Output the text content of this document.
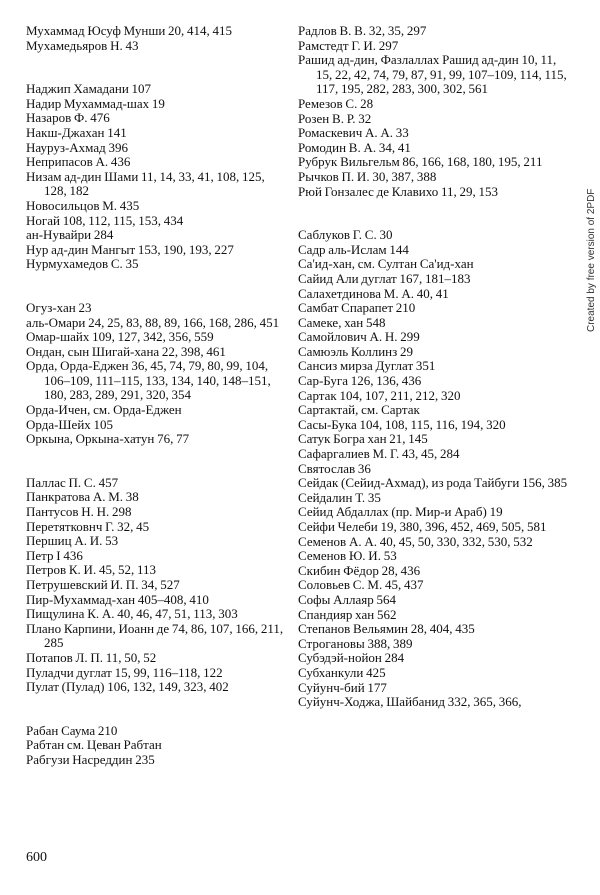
Мухаммад Юсуф Мунши 20, 414, 415
Мухамедьяров Н. 43
Наджип Хамадани 107
Надир Мухаммад-шах 19
Назаров Ф. 476
Накш-Джахан 141
Науруз-Ахмад 396
Неприпасов А. 436
Низам ад-дин Шами 11, 14, 33, 41, 108, 125, 128, 182
Новосильцов М. 435
Ногай 108, 112, 115, 153, 434
ан-Нувайри 284
Нур ад-дин Мангыт 153, 190, 193, 227
Нурмухамедов С. 35
Огуз-хан 23
аль-Омари 24, 25, 83, 88, 89, 166, 168, 286, 451
Омар-шайх 109, 127, 342, 356, 559
Ондан, сын Шигай-хана 22, 398, 461
Орда, Орда-Еджен 36, 45, 74, 79, 80, 99, 104, 106–109, 111–115, 133, 134, 140, 148–151, 180, 283, 289, 291, 320, 354
Орда-Ичен, см. Орда-Еджен
Орда-Шейх 105
Оркына, Оркына-хатун 76, 77
Паллас П. С. 457
Панкратова А. М. 38
Пантусов Н. Н. 298
Перетятковнч Г. 32, 45
Першиц А. И. 53
Петр I 436
Петров К. И. 45, 52, 113
Петрушевский И. П. 34, 527
Пир-Мухаммад-хан 405–408, 410
Пищулина К. А. 40, 46, 47, 51, 113, 303
Плано Карпини, Иоанн де 74, 86, 107, 166, 211, 285
Потапов Л. П. 11, 50, 52
Пуладчи дуглат 15, 99, 116–118, 122
Пулат (Пулад) 106, 132, 149, 323, 402
Рабан Саума 210
Рабтан см. Цеван Рабтан
Рабгузи Насреддин 235
Радлов В. В. 32, 35, 297
Рамстедт Г. И. 297
Рашид ад-дин, Фазлаллах Рашид ад-дин 10, 11, 15, 22, 42, 74, 79, 87, 91, 99, 107–109, 114, 115, 117, 195, 282, 283, 300, 302, 561
Ремезов С. 28
Розен В. Р. 32
Ромаскевич А. А. 33
Ромодин В. А. 34, 41
Рубрук Вильгельм 86, 166, 168, 180, 195, 211
Рычков П. И. 30, 387, 388
Рюй Гонзалес де Клавихо 11, 29, 153
Саблуков Г. С. 30
Садр аль-Ислам 144
Са'ид-хан, см. Султан Са'ид-хан
Сайид Али дуглат 167, 181–183
Салахетдинова М. А. 40, 41
Самбат Спарапет 210
Самеке, хан 548
Самойлович А. Н. 299
Самюэль Коллинз 29
Сансиз мирза Дуглат 351
Сар-Буга 126, 136, 436
Сартак 104, 107, 211, 212, 320
Сартактай, см. Сартак
Сасы-Бука 104, 108, 115, 116, 194, 320
Сатук Богра хан 21, 145
Сафаргалиев М. Г. 43, 45, 284
Святослав 36
Сейдак (Сейид-Ахмад), из рода Тайбуги 156, 385
Сейдалин Т. 35
Сейид Абдаллах (пр. Мир-и Араб) 19
Сейфи Челеби 19, 380, 396, 452, 469, 505, 581
Семенов А. А. 40, 45, 50, 330, 332, 530, 532
Семенов Ю. И. 53
Скибин Фёдор 28, 436
Соловьев С. М. 45, 437
Софы Аллаяр 564
Спандияр хан 562
Степанов Вельямин 28, 404, 435
Строгановы 388, 389
Субэдэй-нойон 284
Субханкули 425
Суйунч-бий 177
Суйунч-Ходжа, Шайбанид 332, 365, 366,
600
Created by free version of 2PDF
